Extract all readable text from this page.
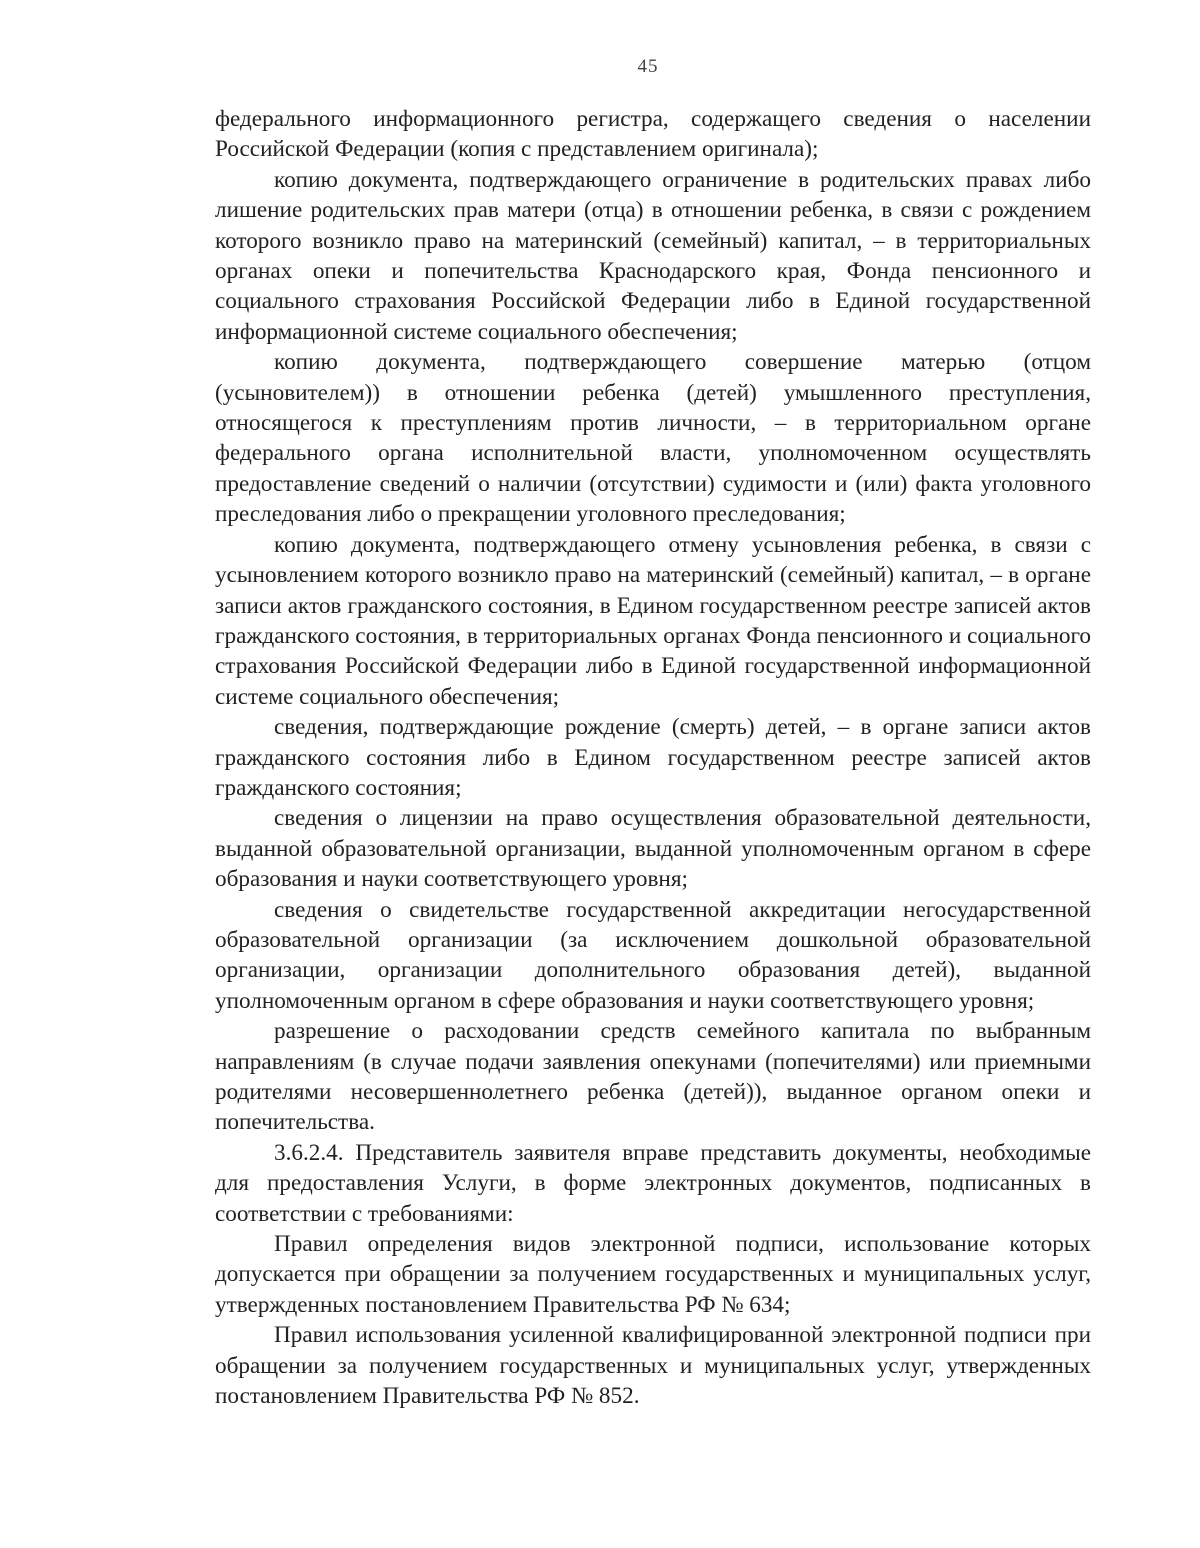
45

федерального информационного регистра, содержащего сведения о населении Российской Федерации (копия с представлением оригинала);

копию документа, подтверждающего ограничение в родительских правах либо лишение родительских прав матери (отца) в отношении ребенка, в связи с рождением которого возникло право на материнский (семейный) капитал, – в территориальных органах опеки и попечительства Краснодарского края, Фонда пенсионного и социального страхования Российской Федерации либо в Единой государственной информационной системе социального обеспечения;

копию документа, подтверждающего совершение матерью (отцом (усыновителем)) в отношении ребенка (детей) умышленного преступления, относящегося к преступлениям против личности, – в территориальном органе федерального органа исполнительной власти, уполномоченном осуществлять предоставление сведений о наличии (отсутствии) судимости и (или) факта уголовного преследования либо о прекращении уголовного преследования;

копию документа, подтверждающего отмену усыновления ребенка, в связи с усыновлением которого возникло право на материнский (семейный) капитал, – в органе записи актов гражданского состояния, в Едином государственном реестре записей актов гражданского состояния, в территориальных органах Фонда пенсионного и социального страхования Российской Федерации либо в Единой государственной информационной системе социального обеспечения;

сведения, подтверждающие рождение (смерть) детей, – в органе записи актов гражданского состояния либо в Едином государственном реестре записей актов гражданского состояния;

сведения о лицензии на право осуществления образовательной деятельности, выданной образовательной организации, выданной уполномоченным органом в сфере образования и науки соответствующего уровня;

сведения о свидетельстве государственной аккредитации негосударственной образовательной организации (за исключением дошкольной образовательной организации, организации дополнительного образования детей), выданной уполномоченным органом в сфере образования и науки соответствующего уровня;

разрешение о расходовании средств семейного капитала по выбранным направлениям (в случае подачи заявления опекунами (попечителями) или приемными родителями несовершеннолетнего ребенка (детей)), выданное органом опеки и попечительства.

3.6.2.4. Представитель заявителя вправе представить документы, необходимые для предоставления Услуги, в форме электронных документов, подписанных в соответствии с требованиями:

Правил определения видов электронной подписи, использование которых допускается при обращении за получением государственных и муниципальных услуг, утвержденных постановлением Правительства РФ № 634;

Правил использования усиленной квалифицированной электронной подписи при обращении за получением государственных и муниципальных услуг, утвержденных постановлением Правительства РФ № 852.
